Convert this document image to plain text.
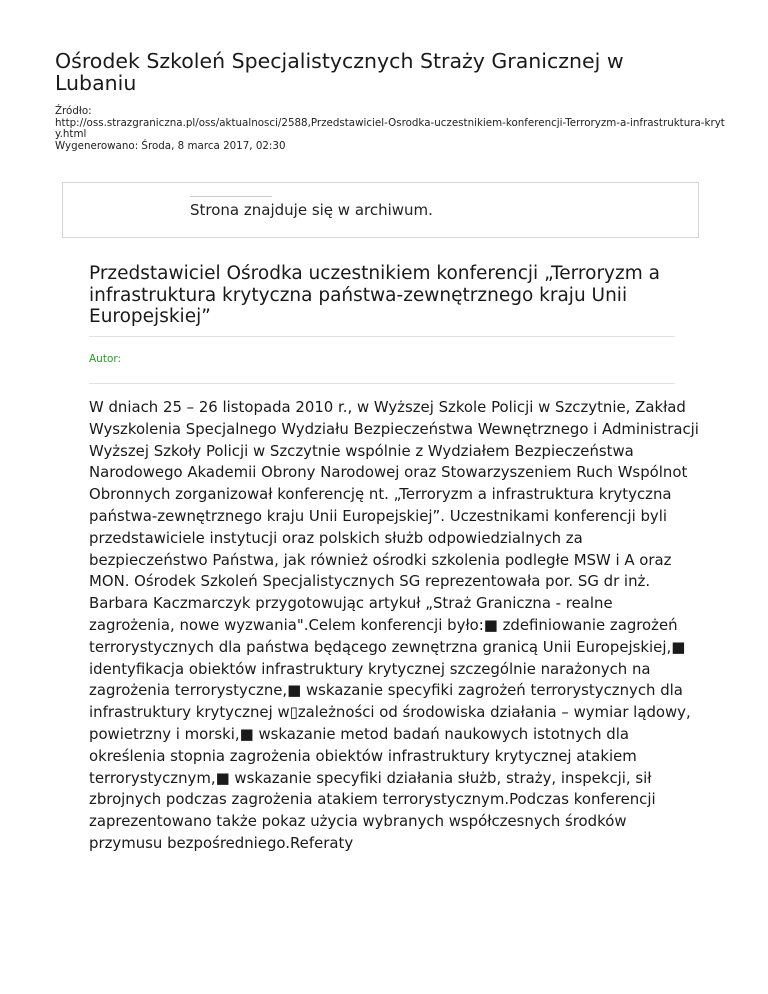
Ośrodek Szkoleń Specjalistycznych Straży Granicznej w Lubaniu
Źródło:
http://oss.strazgraniczna.pl/oss/aktualnosci/2588,Przedstawiciel-Osrodka-uczestnikiem-konferencji-Terroryzm-a-infrastruktura-kryty.html
Wygenerowano: Środa, 8 marca 2017, 02:30
Strona znajduje się w archiwum.
Przedstawiciel Ośrodka uczestnikiem konferencji „Terroryzm a infrastruktura krytyczna państwa-zewnętrznego kraju Unii Europejskiej”
Autor:

W dniach 25 – 26 listopada 2010 r., w Wyższej Szkole Policji w Szczytnie, Zakład Wyszkolenia Specjalnego Wydziału Bezpieczeństwa Wewnętrznego i Administracji Wyższej Szkoły Policji w Szczytnie wspólnie z Wydziałem Bezpieczeństwa Narodowego Akademii Obrony Narodowej oraz Stowarzyszeniem Ruch Wspólnot Obronnych zorganizował konferencję nt. „Terroryzm a infrastruktura krytyczna państwa-zewnętrznego kraju Unii Europejskiej”. Uczestnikami konferencji byli przedstawiciele instytucji oraz polskich służb odpowiedzialnych za bezpieczeństwo Państwa, jak również ośrodki szkolenia podległe MSW i A oraz MON. Ośrodek Szkoleń Specjalistycznych SG reprezentowała por. SG dr inż. Barbara Kaczmarczyk przygotowując artykuł „Straż Graniczna - realne zagrożenia, nowe wyzwania".Celem konferencji było:■ zdefiniowanie zagrożeń terrorystycznych dla państwa będącego zewnętrzna granicą Unii Europejskiej,■ identyfikacja obiektów infrastruktury krytycznej szczególnie narażonych na zagrożenia terrorystyczne,■ wskazanie specyfiki zagrożeń terrorystycznych dla infrastruktury krytycznej w▯zależności od środowiska działania – wymiar lądowy, powietrzny i morski,■ wskazanie metod badań naukowych istotnych dla określenia stopnia zagrożenia obiektów infrastruktury krytycznej atakiem terrorystycznym,■ wskazanie specyfiki działania służb, straży, inspekcji, sił zbrojnych podczas zagrożenia atakiem terrorystycznym.Podczas konferencji zaprezentowano także pokaz użycia wybranych współczesnych środków przymusu bezpośredniego.Referaty
